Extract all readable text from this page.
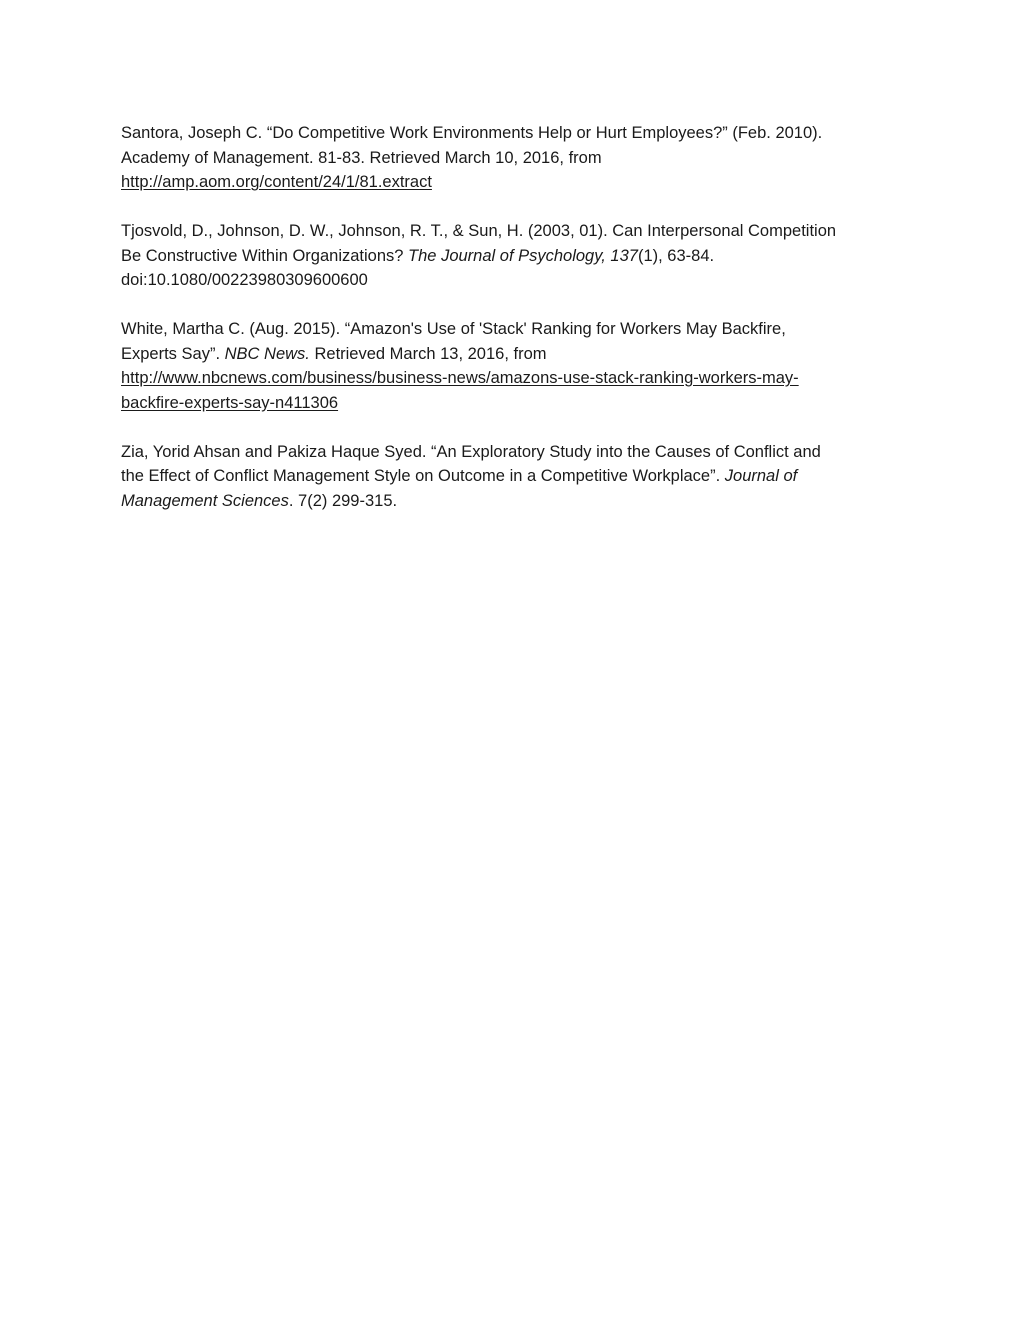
Santora, Joseph C. “Do Competitive Work Environments Help or Hurt Employees?” (Feb. 2010).
Academy of Management. 81-83. Retrieved March 10, 2016, from
http://amp.aom.org/content/24/1/81.extract

Tjosvold, D., Johnson, D. W., Johnson, R. T., & Sun, H. (2003, 01). Can Interpersonal Competition
Be Constructive Within Organizations? The Journal of Psychology, 137(1), 63-84.
doi:10.1080/00223980309600600

White, Martha C. (Aug. 2015). “Amazon's Use of 'Stack' Ranking for Workers May Backfire,
Experts Say”. NBC News. Retrieved March 13, 2016, from
http://www.nbcnews.com/business/business-news/amazons-use-stack-ranking-workers-may-
backfire-experts-say-n411306

Zia, Yorid Ahsan and Pakiza Haque Syed. “An Exploratory Study into the Causes of Conflict and
the Effect of Conflict Management Style on Outcome in a Competitive Workplace”. Journal of
Management Sciences. 7(2) 299-315.
